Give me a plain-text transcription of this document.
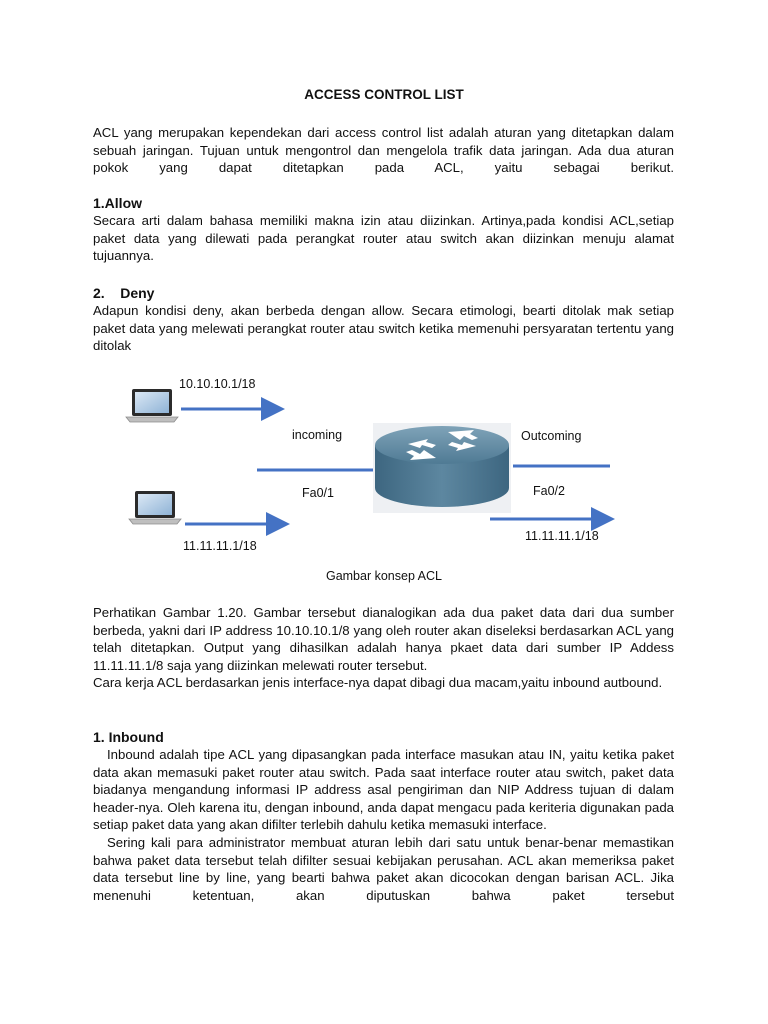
ACCESS CONTROL LIST

ACL yang merupakan kependekan dari access control list adalah aturan yang ditetapkan dalam sebuah jaringan. Tujuan untuk mengontrol dan mengelola trafik data jaringan. Ada dua aturan pokok yang dapat ditetapkan pada ACL, yaitu sebagai berikut.

1.Allow

Secara arti dalam bahasa memiliki makna izin atau diizinkan. Artinya,pada kondisi ACL,setiap paket data yang dilewati pada perangkat router atau switch akan diizinkan menuju alamat tujuannya.

2.    Deny

Adapun kondisi deny, akan berbeda dengan allow. Secara etimologi, bearti ditolak mak setiap paket data yang melewati perangkat router atau switch ketika memenuhi persyaratan tertentu yang ditolak

10.10.10.1/18
incoming	Outcoming
Fa0/1	Fa0/2
11.11.11.1/18
11.11.11.1/18
Gambar konsep ACL

Perhatikan Gambar 1.20. Gambar tersebut dianalogikan ada dua paket data dari dua sumber berbeda, yakni dari IP address 10.10.10.1/8 yang oleh router akan diseleksi berdasarkan ACL yang telah ditetapkan. Output yang dihasilkan adalah hanya pkaet data dari sumber IP Addess 11.11.11.1/8 saja yang diizinkan melewati router tersebut.

Cara kerja ACL berdasarkan jenis interface-nya dapat dibagi dua macam,yaitu inbound autbound.

1. Inbound

Inbound adalah tipe ACL yang dipasangkan pada interface masukan atau IN, yaitu ketika paket data akan memasuki paket router atau switch. Pada saat interface router atau switch, paket data biadanya mengandung informasi IP address asal pengiriman dan NIP Address tujuan di dalam header-nya. Oleh karena itu, dengan inbound, anda dapat mengacu pada keriteria digunakan pada setiap paket data yang akan difilter terlebih dahulu ketika memasuki interface.

Sering kali para administrator membuat aturan lebih dari satu untuk benar-benar memastikan bahwa paket data tersebut telah difilter sesuai kebijakan perusahan. ACL akan memeriksa paket data tersebut line by line, yang bearti bahwa paket akan dicocokan dengan barisan ACL. Jika menenuhi ketentuan, akan diputuskan bahwa paket tersebut
